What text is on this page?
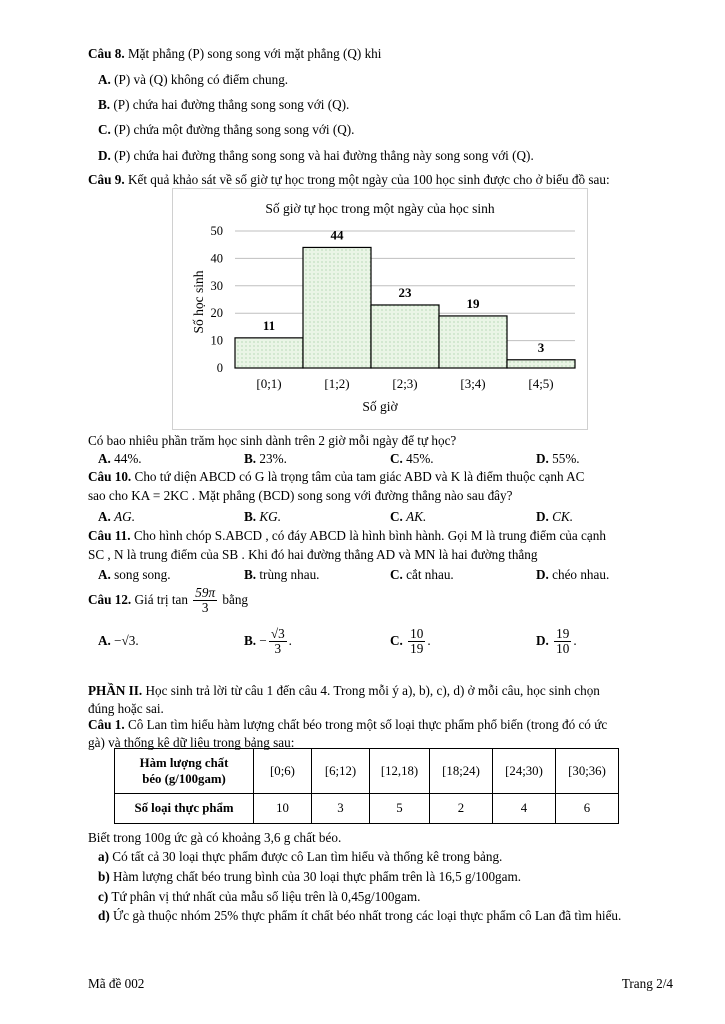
Câu 8. Mặt phẳng (P) song song với mặt phẳng (Q) khi
A. (P) và (Q) không có điểm chung.
B. (P) chứa hai đường thẳng song song với (Q).
C. (P) chứa một đường thẳng song song với (Q).
D. (P) chứa hai đường thẳng song song và hai đường thẳng này song song với (Q).
Câu 9. Kết quả khảo sát về số giờ tự học trong một ngày của 100 học sinh được cho ở biểu đồ sau:
Số giờ tự học trong một ngày của học sinh
0
10
20
30
40
50
11
[0;1)
44
[1;2)
23
[2;3)
19
[3;4)
3
[4;5)
Số giờ
Số học sinh
Có bao nhiêu phần trăm học sinh dành trên 2 giờ mỗi ngày để tự học?
A. 44%.	B. 23%.	C. 45%.	D. 55%.
Câu 10. Cho tứ diện ABCD có G là trọng tâm của tam giác ABD và K là điểm thuộc cạnh AC
sao cho KA = 2KC . Mặt phẳng (BCD) song song với đường thẳng nào sau đây?
A. AG.	B. KG.	C. AK.	D. CK.
Câu 11. Cho hình chóp S.ABCD , có đáy ABCD là hình bình hành. Gọi M là trung điểm của cạnh
SC , N là trung điểm của SB . Khi đó hai đường thẳng AD và MN là hai đường thẳng
A. song song.	B. trùng nhau.	C. cắt nhau.	D. chéo nhau.
Câu 12. Giá trị $\tan \frac{59\pi}{3}$ bằng
A. −√3.	B. − $\frac{√3}{3}$ .	C. $\frac{10}{19}$ .	D. $\frac{19}{10}$ .
PHẦN II. Học sinh trả lời từ câu 1 đến câu 4. Trong mỗi ý a), b), c), d) ở mỗi câu, học sinh chọn
đúng hoặc sai.
Câu 1. Cô Lan tìm hiểu hàm lượng chất béo trong một số loại thực phẩm phổ biến (trong đó có ức
gà) và thống kê dữ liệu trong bảng sau:
Hàm lượng chất
béo (g/100gam)	[0;6)	[6;12)	[12,18)	[18;24)	[24;30)	[30;36)
Số loại thực phẩm	10	3	5	2	4	6
Biết trong 100g ức gà có khoảng 3,6 g chất béo.
a) Có tất cả 30 loại thực phẩm được cô Lan tìm hiểu và thống kê trong bảng.
b) Hàm lượng chất béo trung bình của 30 loại thực phẩm trên là 16,5 g/100gam.
c) Tứ phân vị thứ nhất của mẫu số liệu trên là 0,45g/100gam.
d) Ức gà thuộc nhóm 25% thực phẩm ít chất béo nhất trong các loại thực phẩm cô Lan đã tìm hiểu.
Mã đề 002	Trang 2/4
